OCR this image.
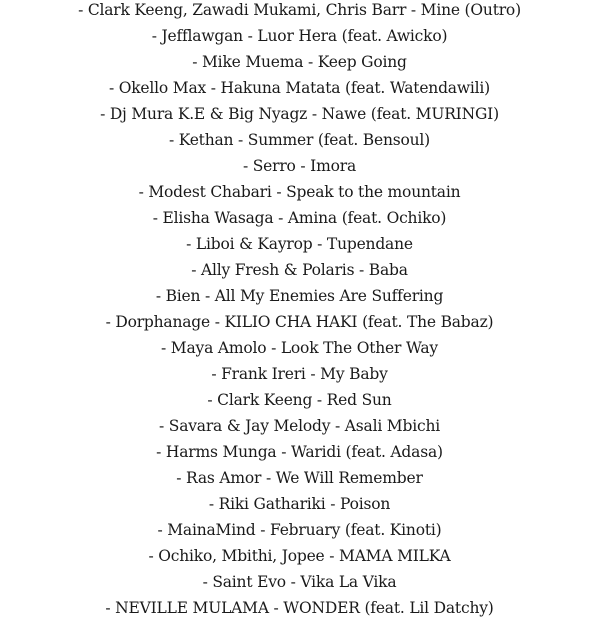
- Clark Keeng, Zawadi Mukami, Chris Barr - Mine (Outro)
- Jefflawgan - Luor Hera (feat. Awicko)
- Mike Muema - Keep Going
- Okello Max - Hakuna Matata (feat. Watendawili)
- Dj Mura K.E & Big Nyagz - Nawe (feat. MURINGI)
- Kethan - Summer (feat. Bensoul)
- Serro - Imora
- Modest Chabari - Speak to the mountain
- Elisha Wasaga - Amina (feat. Ochiko)
- Liboi & Kayrop - Tupendane
- Ally Fresh & Polaris - Baba
- Bien - All My Enemies Are Suffering
- Dorphanage - KILIO CHA HAKI (feat. The Babaz)
- Maya Amolo - Look The Other Way
- Frank Ireri - My Baby
- Clark Keeng - Red Sun
- Savara & Jay Melody - Asali Mbichi
- Harms Munga - Waridi (feat. Adasa)
- Ras Amor - We Will Remember
- Riki Gathariki - Poison
- MainaMind - February (feat. Kinoti)
- Ochiko, Mbithi, Jopee - MAMA MILKA
- Saint Evo - Vika La Vika
- NEVILLE MULAMA - WONDER (feat. Lil Datchy)
